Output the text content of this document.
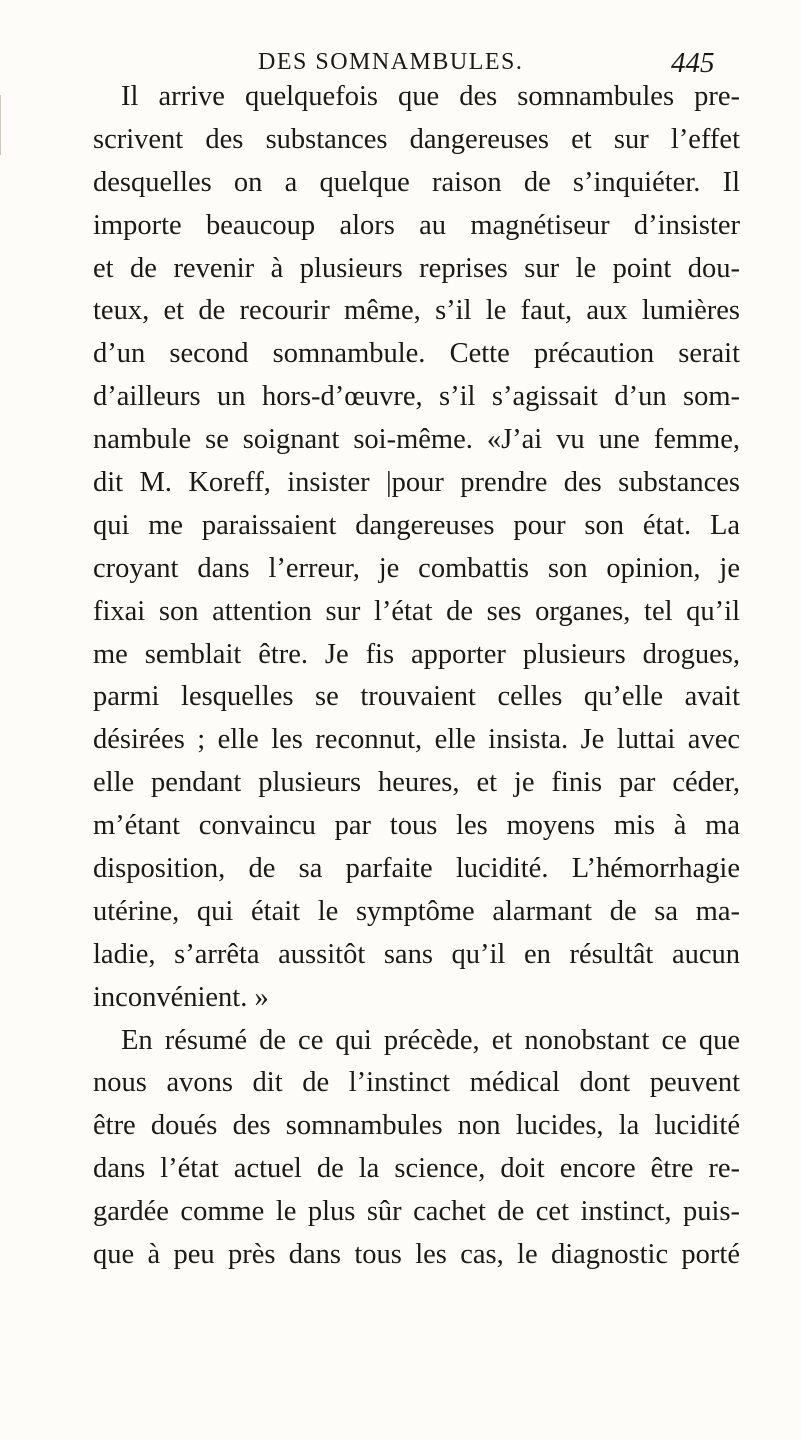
DES SOMNAMBULES.	445
Il arrive quelquefois que des somnambules pre-
scrivent des substances dangereuses et sur l’effet
desquelles on a quelque raison de s’inquiéter. Il
importe beaucoup alors au magnétiseur d’insister
et de revenir à plusieurs reprises sur le point dou-
teux, et de recourir même, s’il le faut, aux lumières
d’un second somnambule. Cette précaution serait
d’ailleurs un hors-d’œuvre, s’il s’agissait d’un som-
nambule se soignant soi-même. «J’ai vu une femme,
dit M. Koreff, insister |pour prendre des substances
qui me paraissaient dangereuses pour son état. La
croyant dans l’erreur, je combattis son opinion, je
fixai son attention sur l’état de ses organes, tel qu’il
me semblait être. Je fis apporter plusieurs drogues,
parmi lesquelles se trouvaient celles qu’elle avait
désirées ; elle les reconnut, elle insista. Je luttai avec
elle pendant plusieurs heures, et je finis par céder,
m’étant convaincu par tous les moyens mis à ma
disposition, de sa parfaite lucidité. L’hémorrhagie
utérine, qui était le symptôme alarmant de sa ma-
ladie, s’arrêta aussitôt sans qu’il en résultât aucun
inconvénient. »
En résumé de ce qui précède, et nonobstant ce que
nous avons dit de l’instinct médical dont peuvent
être doués des somnambules non lucides, la lucidité
dans l’état actuel de la science, doit encore être re-
gardée comme le plus sûr cachet de cet instinct, puis-
que à peu près dans tous les cas, le diagnostic porté
